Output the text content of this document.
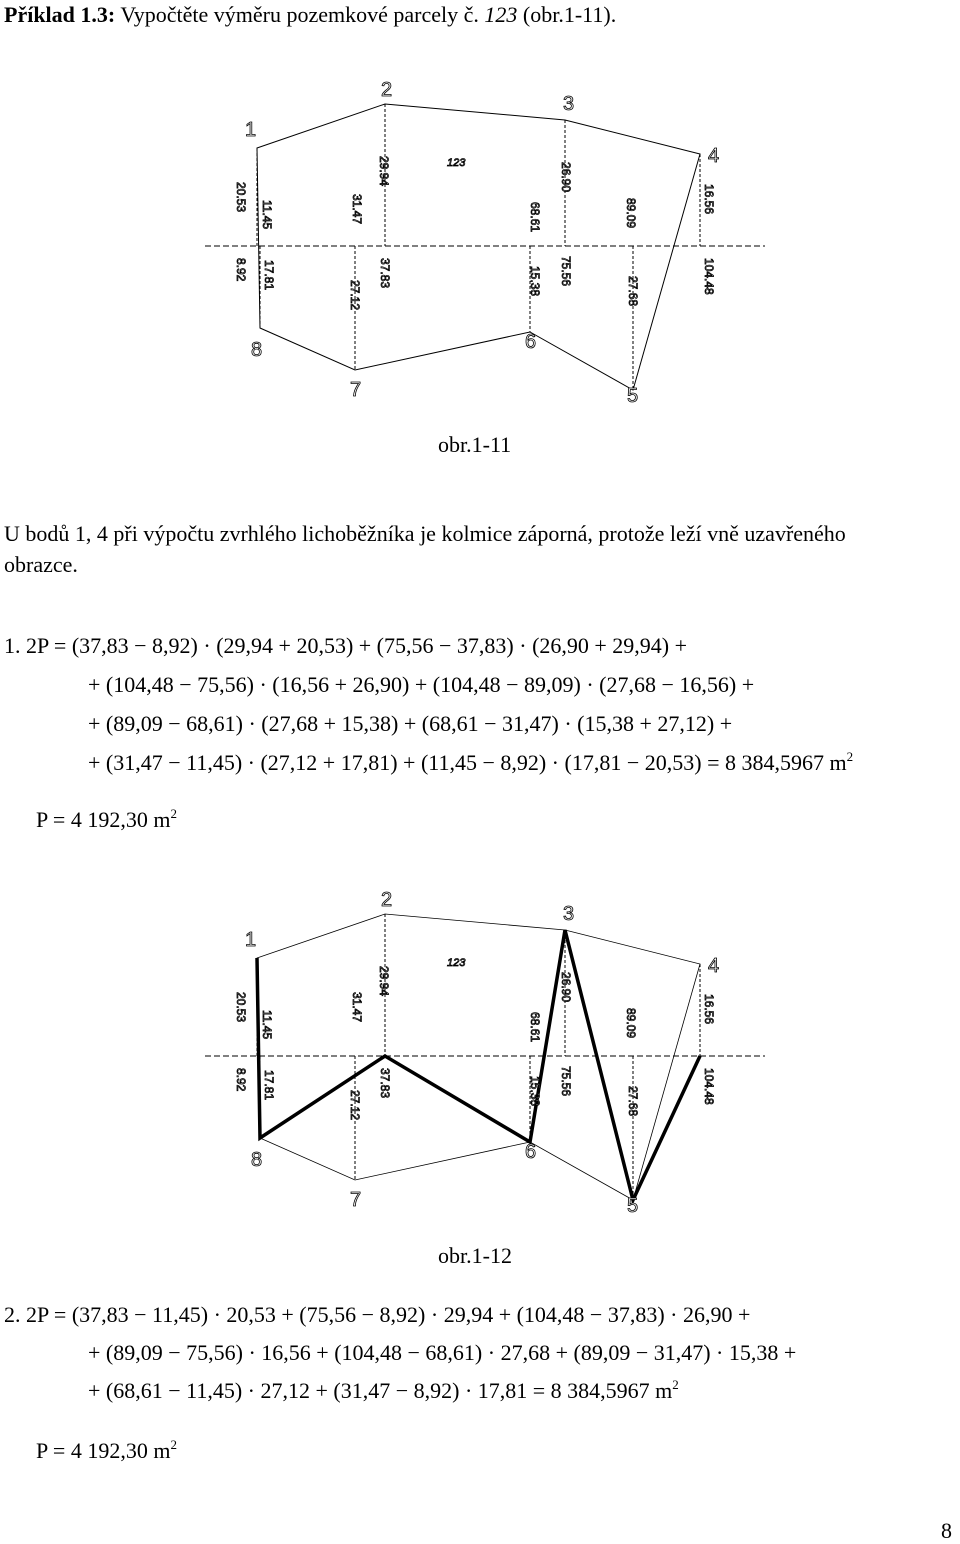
Příklad 1.3: Vypočtěte výměru pozemkové parcely č. 123 (obr.1-11).
1
2
3
4
5
6
7
8
123
20.53
11.45	31.47
29.94
68.61
26.90
89.09	16.56
8.92 17.81
27.12
37.83	15.38 75.56
27.68	104.48
obr.1-11
U bodů 1, 4 při výpočtu zvrhlého lichoběžníka je kolmice záporná, protože leží vně uzavřeného obrazce.
1. 2P = (37,83 − 8,92) · (29,94 + 20,53) + (75,56 − 37,83) · (26,90 + 29,94) +
+ (104,48 − 75,56) · (16,56 + 26,90) + (104,48 − 89,09) · (27,68 − 16,56) +
+ (89,09 − 68,61) · (27,68 + 15,38) + (68,61 − 31,47) · (15,38 + 27,12) +
+ (31,47 − 11,45) · (27,12 + 17,81) + (11,45 − 8,92) · (17,81 − 20,53) = 8 384,5967 $m^2$
P = 4 192,30 $m^2$
1
2
3
4
5
6
7
8
123
20.53
11.45
31.47
29.94
68.61
26.90
89.09	16.56
8.92 17.81
27.12
37.83	15.38 75.56
27.68	104.48
obr.1-12
2. 2P = (37,83 − 11,45) · 20,53 + (75,56 − 8,92) · 29,94 + (104,48 − 37,83) · 26,90 +
+ (89,09 − 75,56) · 16,56 + (104,48 − 68,61) · 27,68 + (89,09 − 31,47) · 15,38 +
+ (68,61 − 11,45) · 27,12 + (31,47 − 8,92) · 17,81 = 8 384,5967 $m^2$
P = 4 192,30 $m^2$
8
